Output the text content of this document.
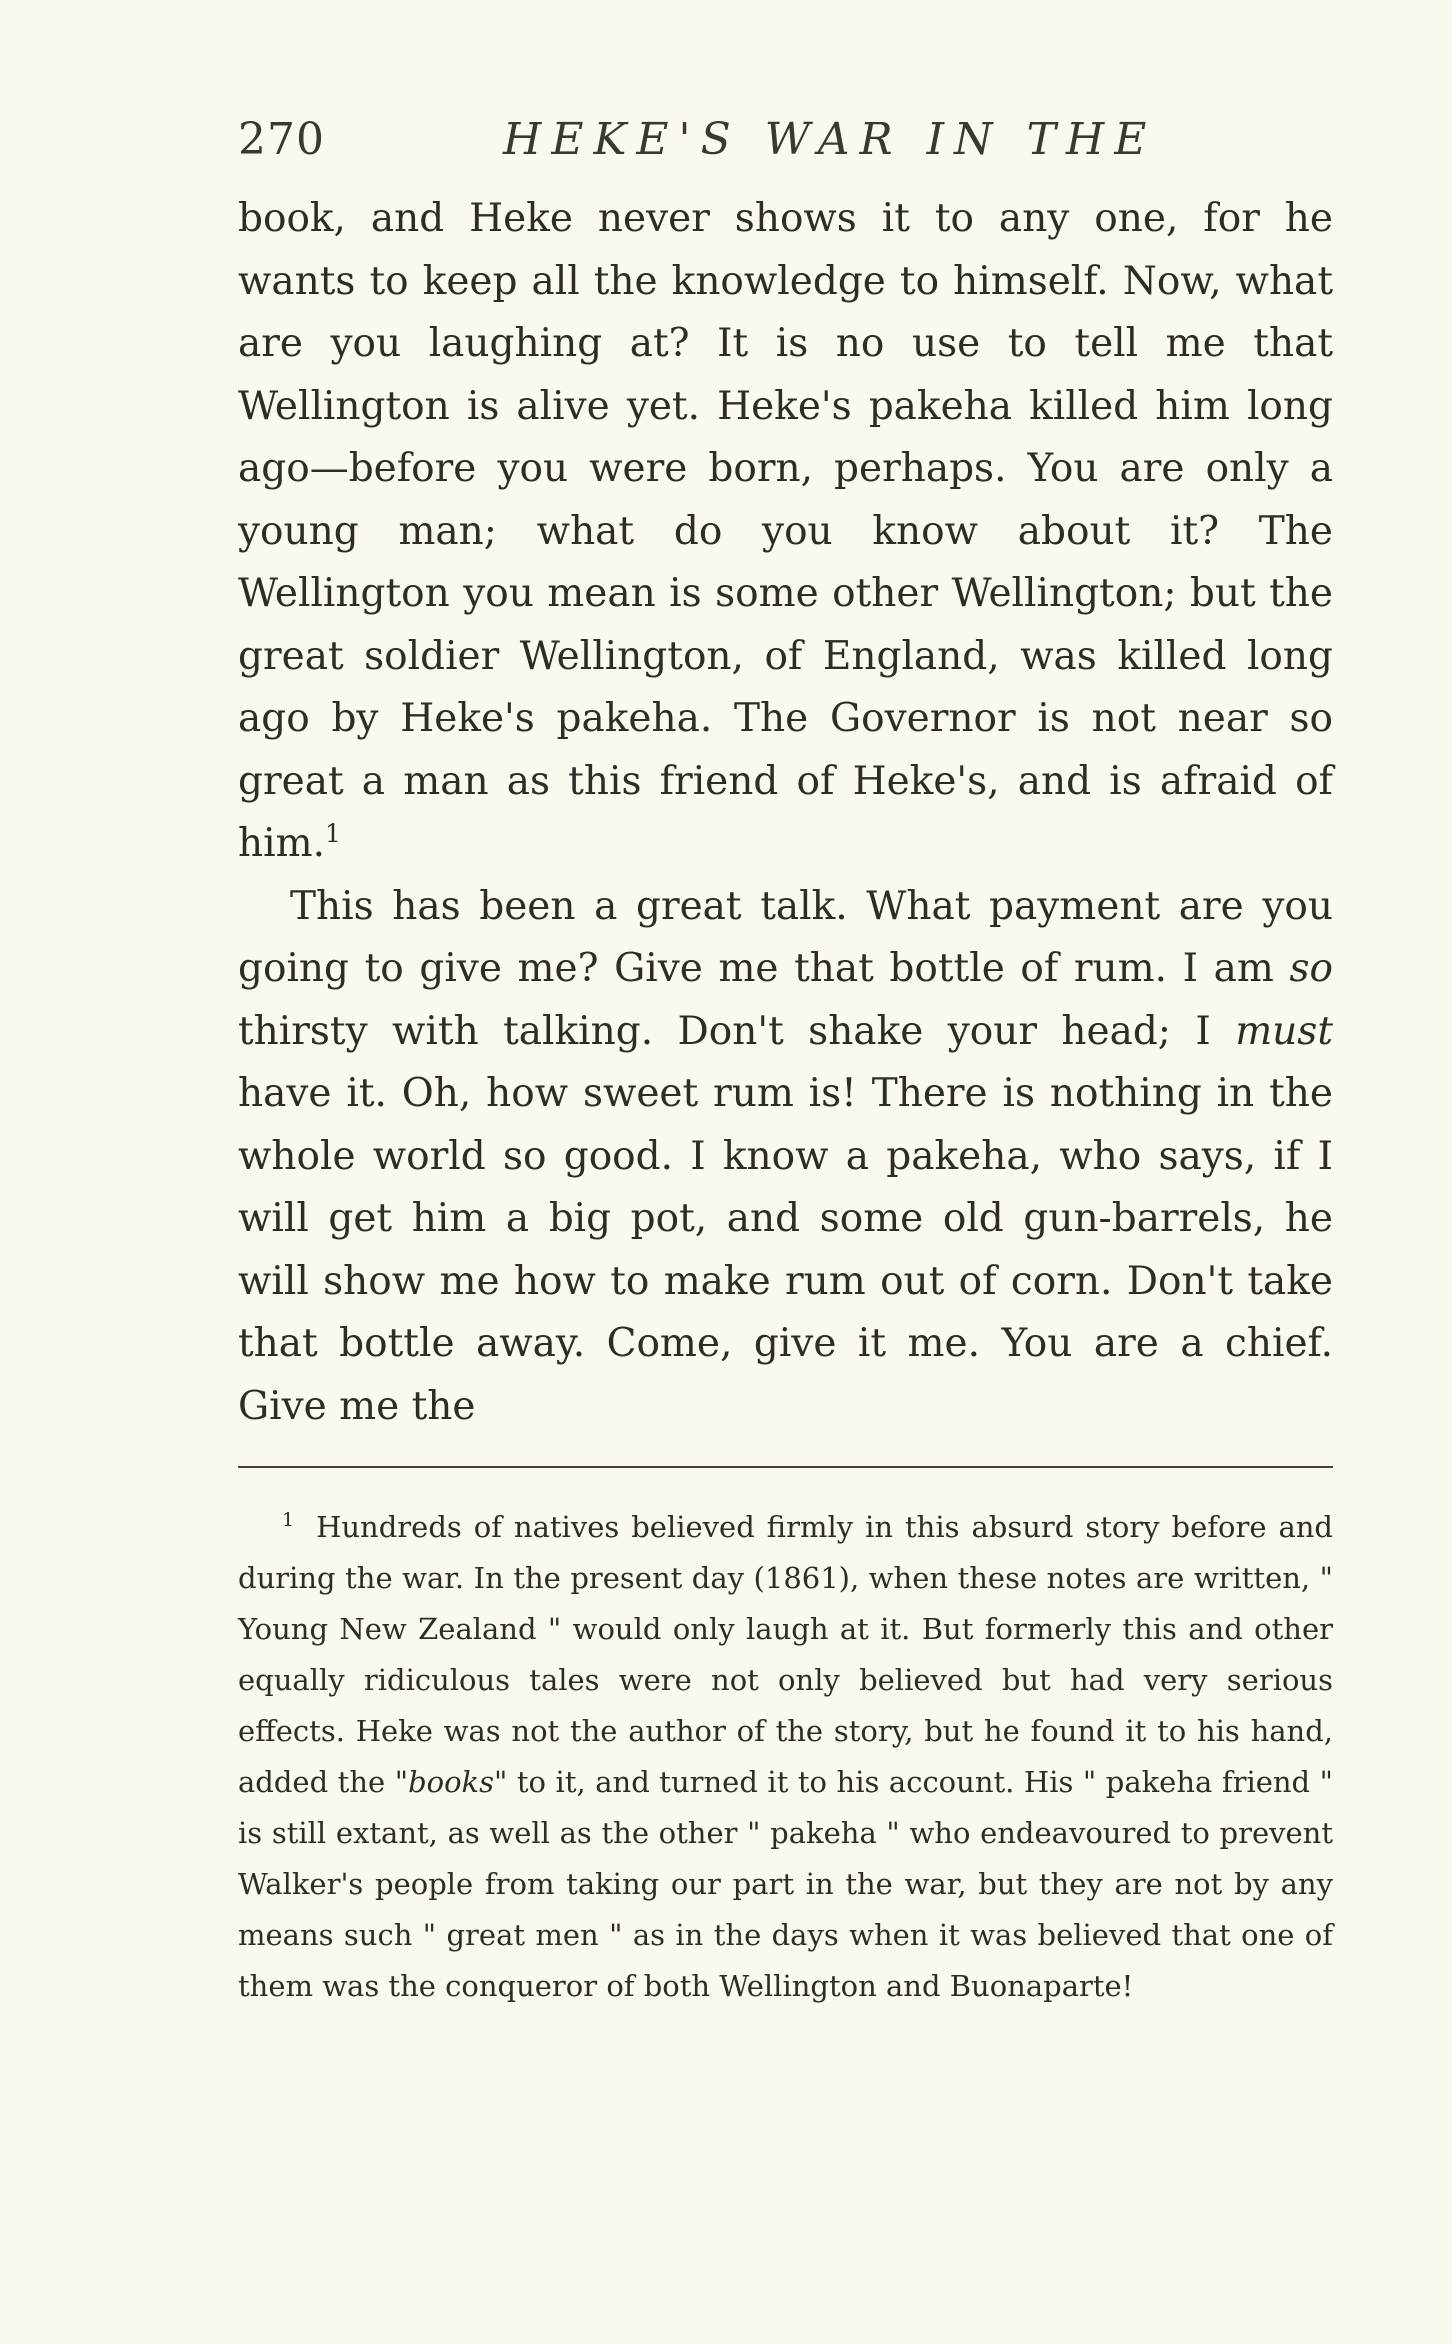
270	HEKE'S WAR IN THE

book, and Heke never shows it to any one, for he wants to keep all the knowledge to himself. Now, what are you laughing at? It is no use to tell me that Wellington is alive yet. Heke's pakeha killed him long ago—before you were born, perhaps. You are only a young man; what do you know about it? The Wellington you mean is some other Wellington; but the great soldier Wellington, of England, was killed long ago by Heke's pakeha. The Governor is not near so great a man as this friend of Heke's, and is afraid of him.$^1$

This has been a great talk. What payment are you going to give me? Give me that bottle of rum. I am so thirsty with talking. Don't shake your head; I must have it. Oh, how sweet rum is! There is nothing in the whole world so good. I know a pakeha, who says, if I will get him a big pot, and some old gun-barrels, he will show me how to make rum out of corn. Don't take that bottle away. Come, give it me. You are a chief. Give me the

$^1$ Hundreds of natives believed firmly in this absurd story before and during the war. In the present day (1861), when these notes are written, " Young New Zealand " would only laugh at it. But formerly this and other equally ridiculous tales were not only believed but had very serious effects. Heke was not the author of the story, but he found it to his hand, added the "books" to it, and turned it to his account. His " pakeha friend " is still extant, as well as the other " pakeha " who endeavoured to prevent Walker's people from taking our part in the war, but they are not by any means such " great men " as in the days when it was believed that one of them was the conqueror of both Wellington and Buonaparte!
